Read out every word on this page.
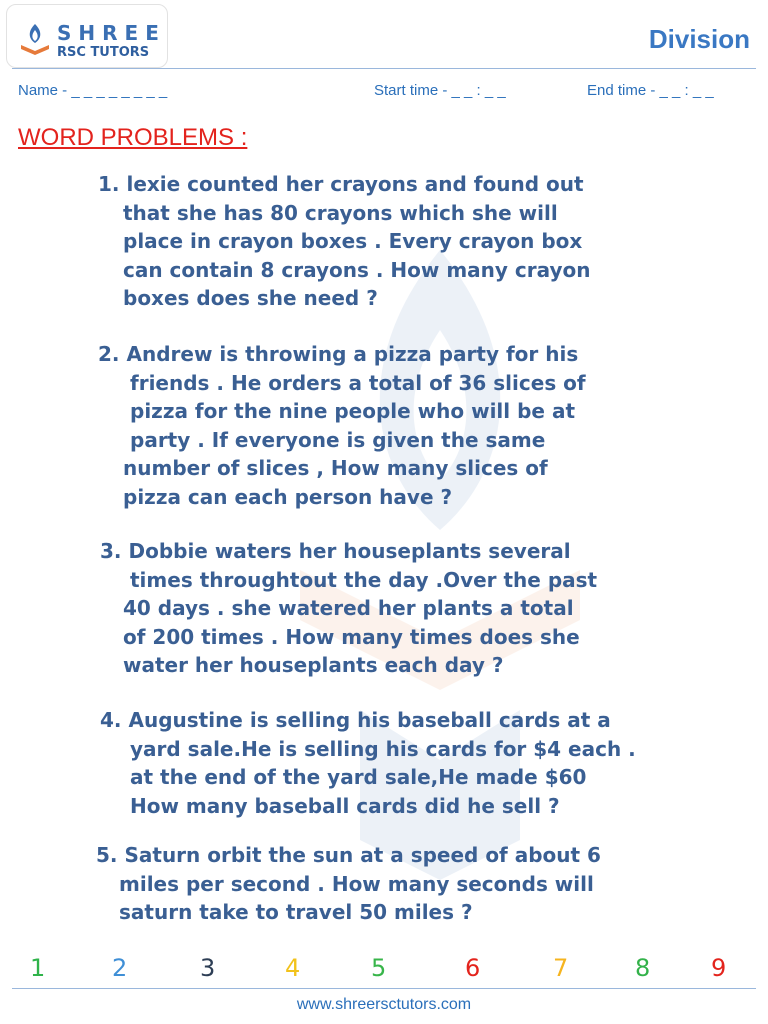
SHREE
RSC TUTORS	Division
Name - _ _ _ _ _ _ _ _	Start time - _ _ : _ _	End time - _ _ : _ _
WORD PROBLEMS :
1. lexie counted her crayons and found out
that she has 80 crayons which she will
place in crayon boxes . Every crayon box
can contain 8 crayons . How many crayon
boxes does she need ?
2. Andrew is throwing a pizza party for his
friends . He orders a total of 36 slices of
pizza for the nine people who will be at
party . If everyone is given the same
number of slices , How many slices of
pizza can each person have ?
3. Dobbie waters her houseplants several
times throughtout the day .Over the past
40 days . she watered her plants a total
of 200 times . How many times does she
water her houseplants each day ?
4. Augustine is selling his baseball cards at a
yard sale.He is selling his cards for $4 each .
at the end of the yard sale,He made $60
How many baseball cards did he sell ?
5. Saturn orbit the sun at a speed of about 6
miles per second . How many seconds will
saturn take to travel 50 miles ?
1	2	3	4	5	6	7	8	9
www.shreersctutors.com
